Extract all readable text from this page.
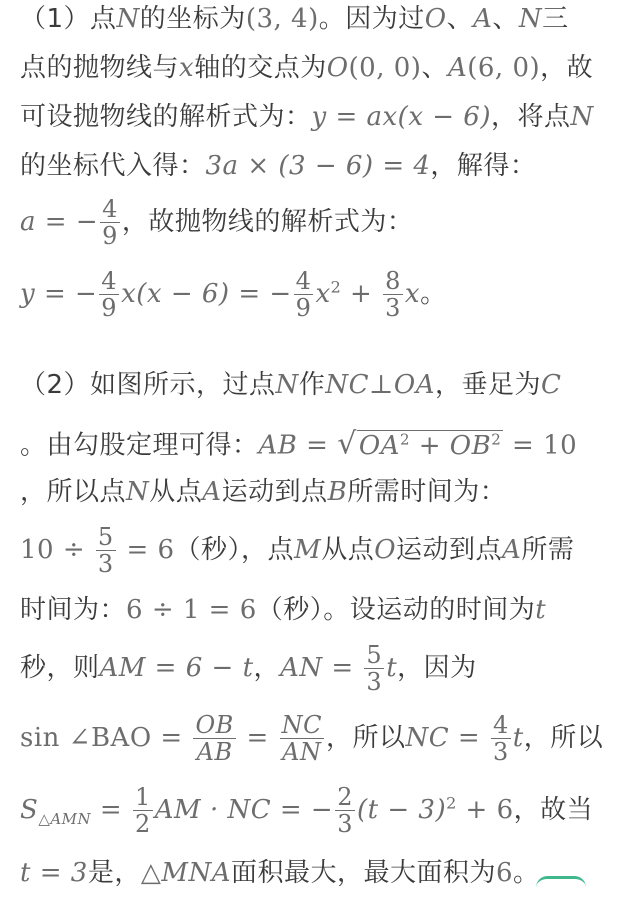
（1）点N的坐标为(3, 4)。因为过O、A、N三
点的抛物线与x轴的交点为O(0, 0)、A(6, 0)，故
可设抛物线的解析式为：y = ax(x − 6)，将点N
的坐标代入得：3a × (3 − 6) = 4，解得：
a = − $\frac{4}{9}$ ，故抛物线的解析式为：
y = − $\frac{4}{9} x(x - 6)$ = − $\frac{4}{9} x^2 + \frac{8}{3}$ x。
（2）如图所示，过点N作NC⊥OA，垂足为C
。由勾股定理可得：AB = $√OA^2 + OB^2 = 10$
，所以点N从点A运动到点B所需时间为：
$10 \div \frac{5}{3} = 6$（秒），点M从点O运动到点A所需
时间为：6 ÷ 1 = 6（秒）。设运动的时间为t
秒，则AM = 6 − t，AN = $\frac{5}{3}$ t，因为
sin ∠BAO = $\frac{OB}{AB} = \frac{NC}{AN}$ ，所以NC = $\frac{4}{3}$ t，所以
$S_{\triangle AMN} = \frac{1}{2}$ AM · NC = − $\frac{2}{3} (t - 3)^2 + 6$，故当
t = 3是，△MNA面积最大，最大面积为6。
